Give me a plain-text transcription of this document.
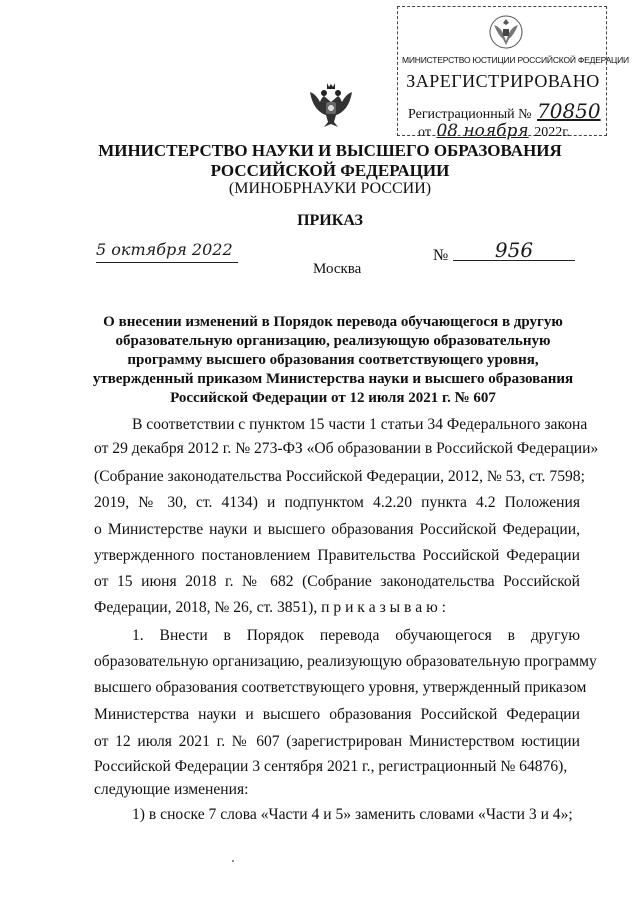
МИНИСТЕРСТВО ЮСТИЦИИ РОССИЙСКОЙ ФЕДЕРАЦИИ
ЗАРЕГИСТРИРОВАНО
Регистрационный № 70850
от 08 ноября 2022г.
МИНИСТЕРСТВО НАУКИ И ВЫСШЕГО ОБРАЗОВАНИЯ
РОССИЙСКОЙ ФЕДЕРАЦИИ
(МИНОБРНАУКИ РОССИИ)
ПРИКАЗ
5 октября 2022	№	956
Москва
О внесении изменений в Порядок перевода обучающегося в другую
образовательную организацию, реализующую образовательную
программу высшего образования соответствующего уровня,
утвержденный приказом Министерства науки и высшего образования
Российской Федерации от 12 июля 2021 г. № 607
В соответствии с пунктом 15 части 1 статьи 34 Федерального закона
от 29 декабря 2012 г. № 273-ФЗ «Об образовании в Российской Федерации»
(Собрание законодательства Российской Федерации, 2012, № 53, ст. 7598;
2019, № 30, ст. 4134) и подпунктом 4.2.20 пункта 4.2 Положения
о Министерстве науки и высшего образования Российской Федерации,
утвержденного постановлением Правительства Российской Федерации
от 15 июня 2018 г. № 682 (Собрание законодательства Российской
Федерации, 2018, № 26, ст. 3851), п р и к а з ы в а ю :
1. Внести в Порядок перевода обучающегося в другую
образовательную организацию, реализующую образовательную программу
высшего образования соответствующего уровня, утвержденный приказом
Министерства науки и высшего образования Российской Федерации
от 12 июля 2021 г. № 607 (зарегистрирован Министерством юстиции
Российской Федерации 3 сентября 2021 г., регистрационный № 64876),
следующие изменения:
1) в сноске 7 слова «Части 4 и 5» заменить словами «Части 3 и 4»;
